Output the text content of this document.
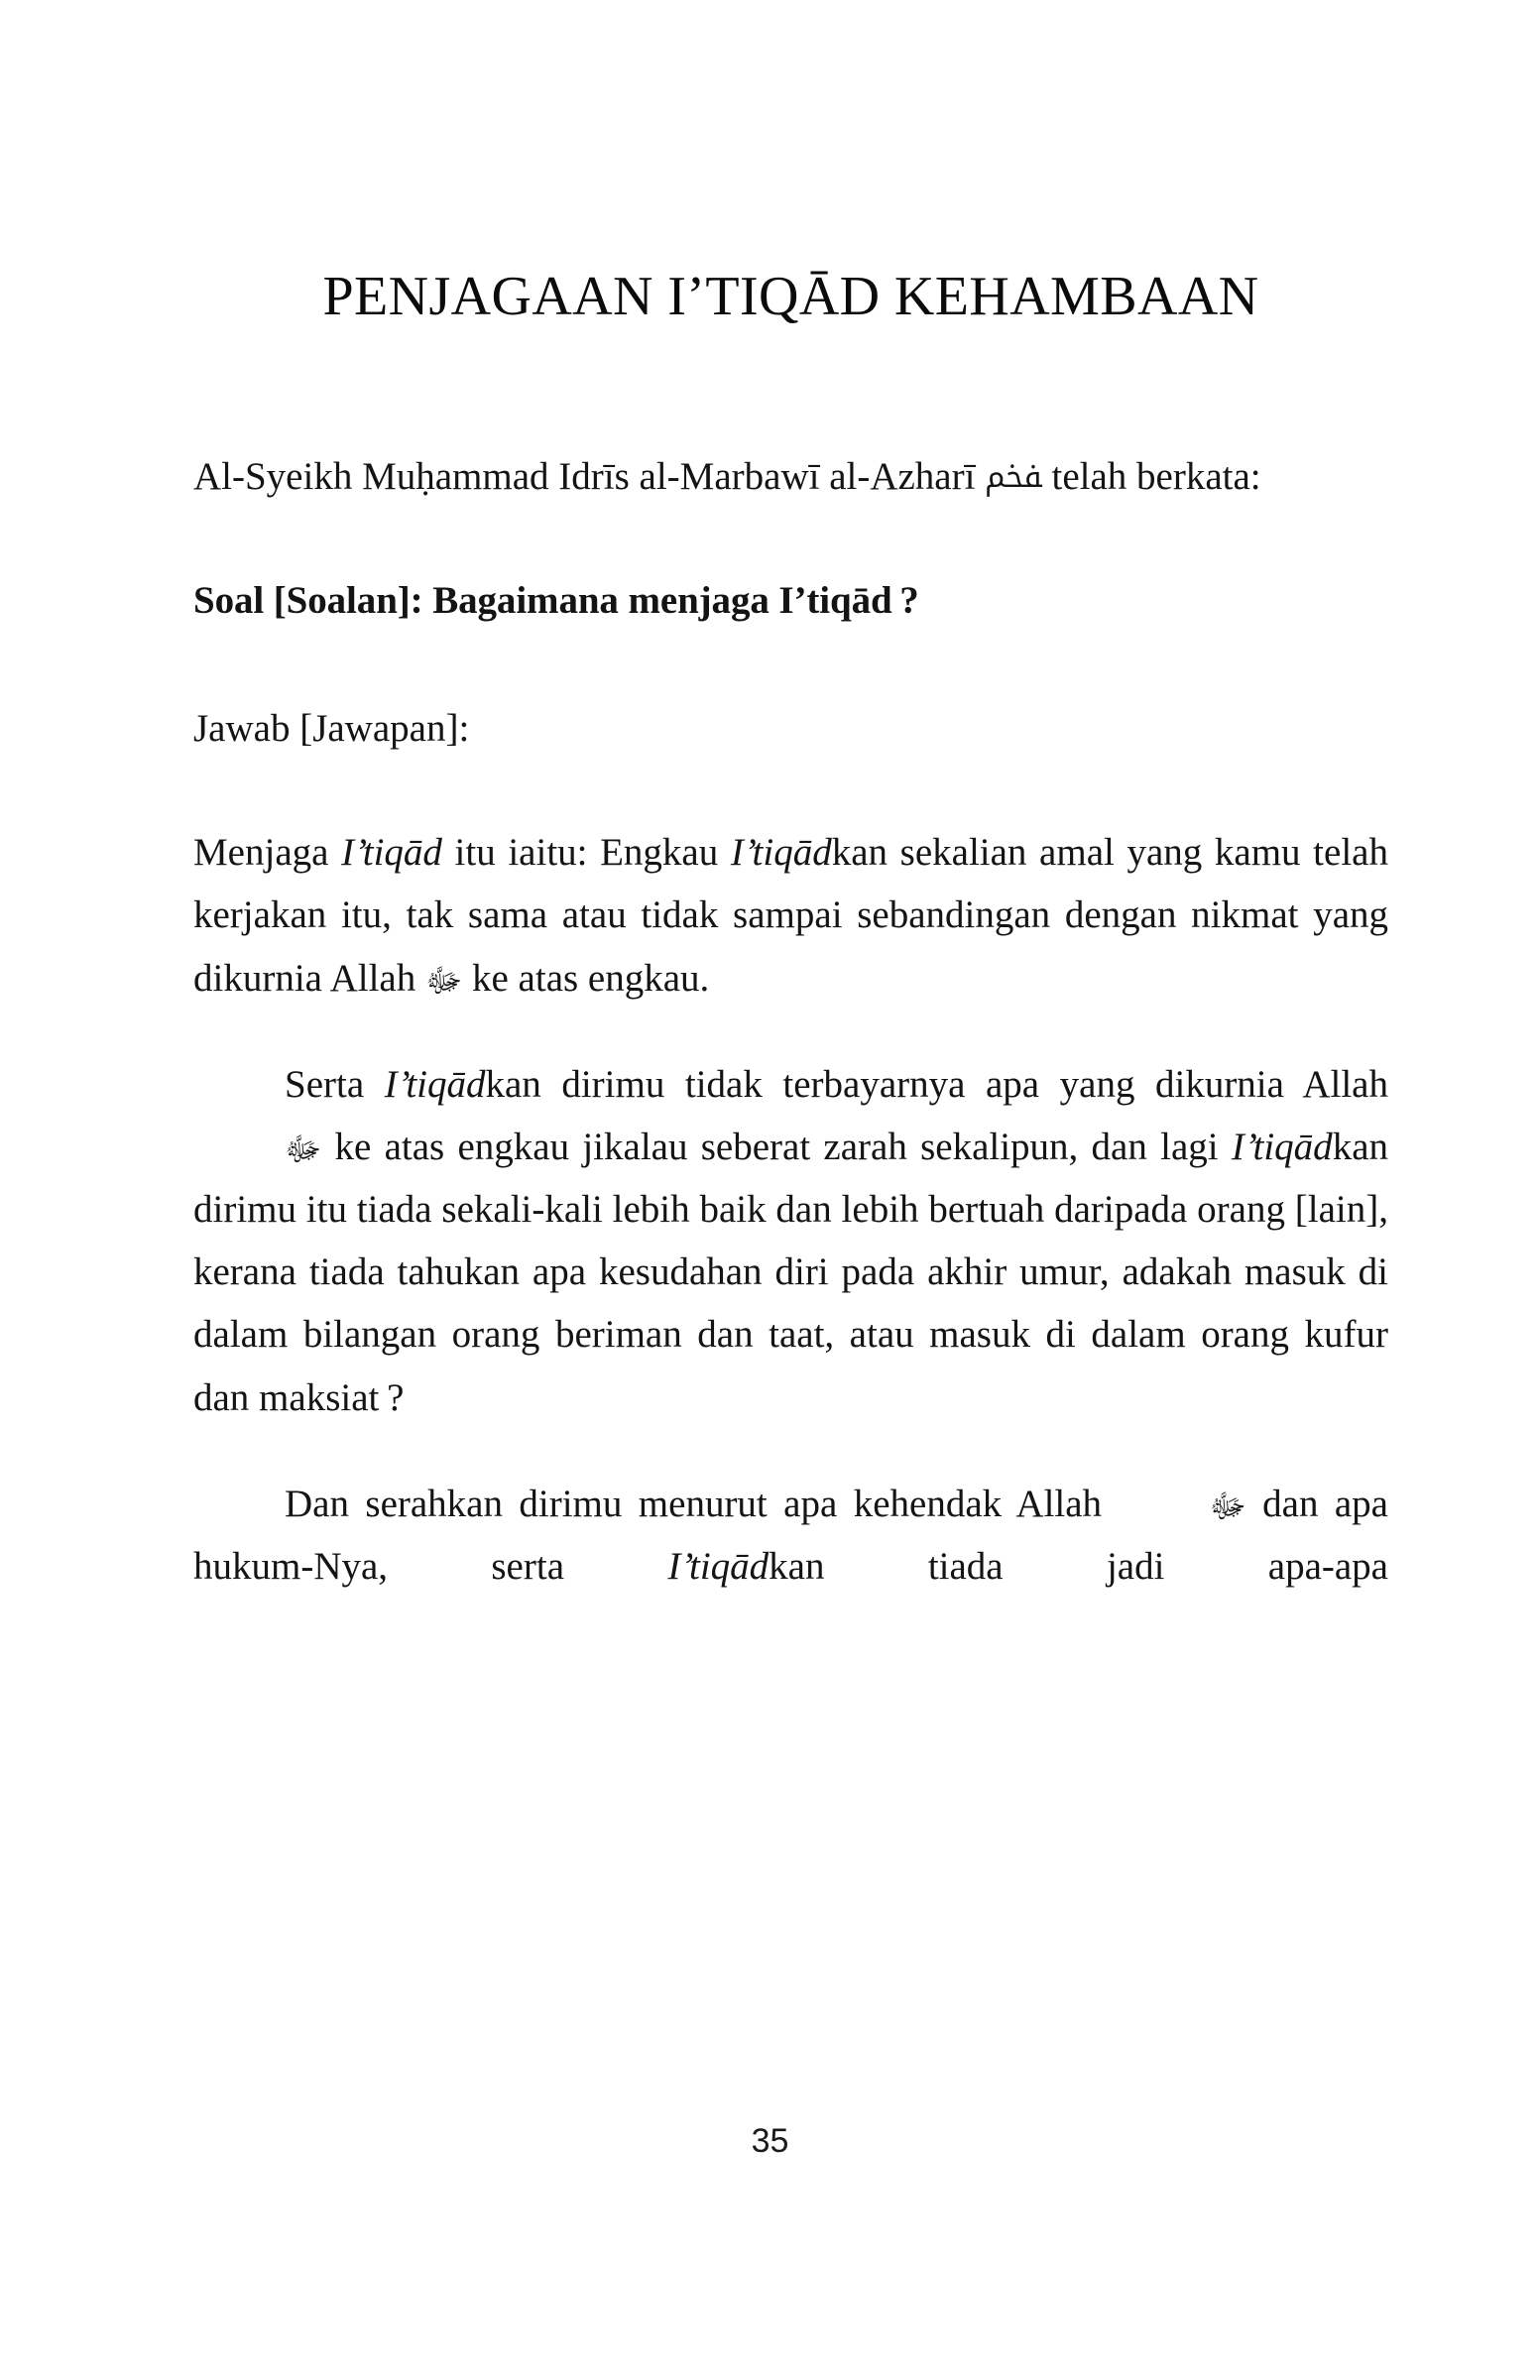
PENJAGAAN I’TIQĀD KEHAMBAAN

Al-Syeikh Muḥammad Idrīs al-Marbawī al-Azharī ﵼ telah berkata:

Soal [Soalan]: Bagaimana menjaga I’tiqād ?

Jawab [Jawapan]:

Menjaga I’tiqād itu iaitu: Engkau I’tiqādkan sekalian amal yang kamu telah kerjakan itu, tak sama atau tidak sampai sebandingan dengan nikmat yang dikurnia Allah ﷻ ke atas engkau.

Serta I’tiqādkan dirimu tidak terbayarnya apa yang dikurnia Allah ﷻ ke atas engkau jikalau seberat zarah sekalipun, dan lagi I’tiqādkan dirimu itu tiada sekali-kali lebih baik dan lebih bertuah daripada orang [lain], kerana tiada tahukan apa kesudahan diri pada akhir umur, adakah masuk di dalam bilangan orang beriman dan taat, atau masuk di dalam orang kufur dan maksiat ?

Dan serahkan dirimu menurut apa kehendak Allah	ﷻ dan apa hukum-Nya, serta I’tiqādkan tiada jadi apa-apa

35
